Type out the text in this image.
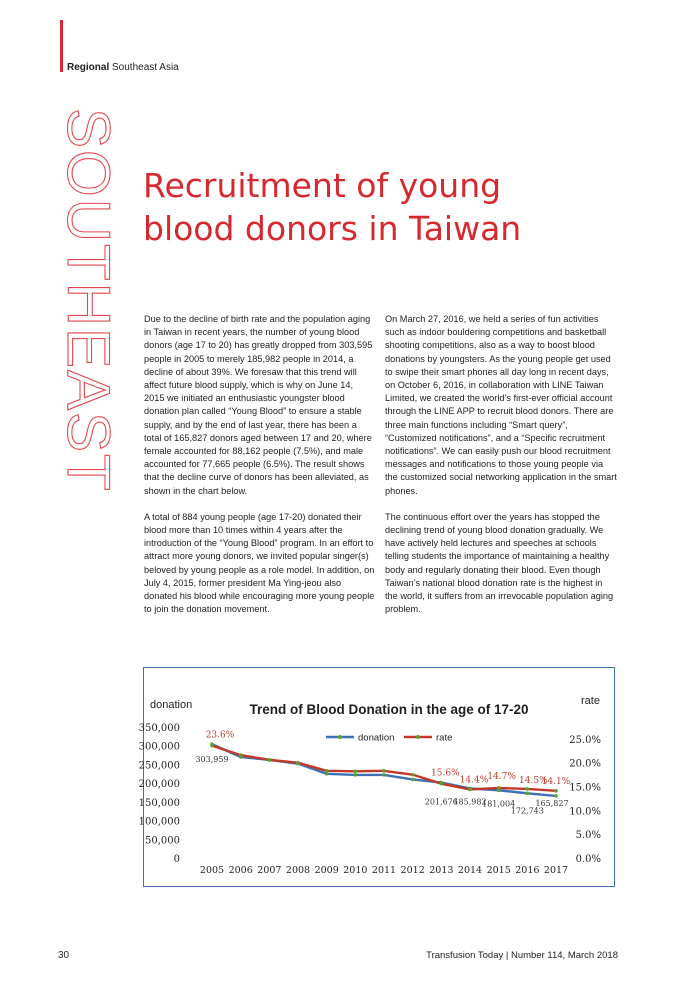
Regional Southeast Asia
SOUTHEAST Recruitment of young blood donors in Taiwan

Due to the decline of birth rate and the population aging in Taiwan in recent years, the number of young blood donors (age 17 to 20) has greatly dropped from 303,595 people in 2005 to merely 185,982 people in 2014, a decline of about 39%. We foresaw that this trend will affect future blood supply, which is why on June 14, 2015 we initiated an enthusiastic youngster blood donation plan called “Young Blood” to ensure a stable supply, and by the end of last year, there has been a total of 165,827 donors aged between 17 and 20, where female accounted for 88,162 people (7.5%), and male accounted for 77,665 people (6.5%). The result shows that the decline curve of donors has been alleviated, as shown in the chart below.

A total of 884 young people (age 17-20) donated their blood more than 10 times within 4 years after the introduction of the “Young Blood” program. In an effort to attract more young donors, we invited popular singer(s) beloved by young people as a role model. In addition, on July 4, 2015, former president Ma Ying-jeou also donated his blood while encouraging more young people to join the donation movement.

On March 27, 2016, we held a series of fun activities such as indoor bouldering competitions and basketball shooting competitions, also as a way to boost blood donations by youngsters. As the young people get used to swipe their smart phones all day long in recent days, on October 6, 2016, in collaboration with LINE Taiwan Limited, we created the world’s first-ever official account through the LINE APP to recruit blood donors. There are three main functions including “Smart query”, “Customized notifications”, and a “Specific recruitment notifications”. We can easily push our blood recruitment messages and notifications to those young people via the customized social networking application in the smart phones.

The continuous effort over the years has stopped the declining trend of young blood donation gradually. We have actively held lectures and speeches at schools telling students the importance of maintaining a healthy body and regularly donating their blood. Even though Taiwan’s national blood donation rate is the highest in the world, it suffers from an irrevocable population aging problem.

Trend of Blood Donation in the age of 17-20
donation	rate
350,000
300,000
250,000
200,000
150,000
100,000
50,000
0
25.0%
20.0%
15.0%
10.0%
5.0%
0.0%
2005 2006 2007 2008 2009 2010 2011 2012 2013 2014 2015 2016 2017
donation	rate
303,959
201,676
185,982
181,004
172,743
165,827
23.6%
15.6%
14.4% 14.7% 14.5%
14.1%
30	Transfusion Today | Number 114, March 2018
